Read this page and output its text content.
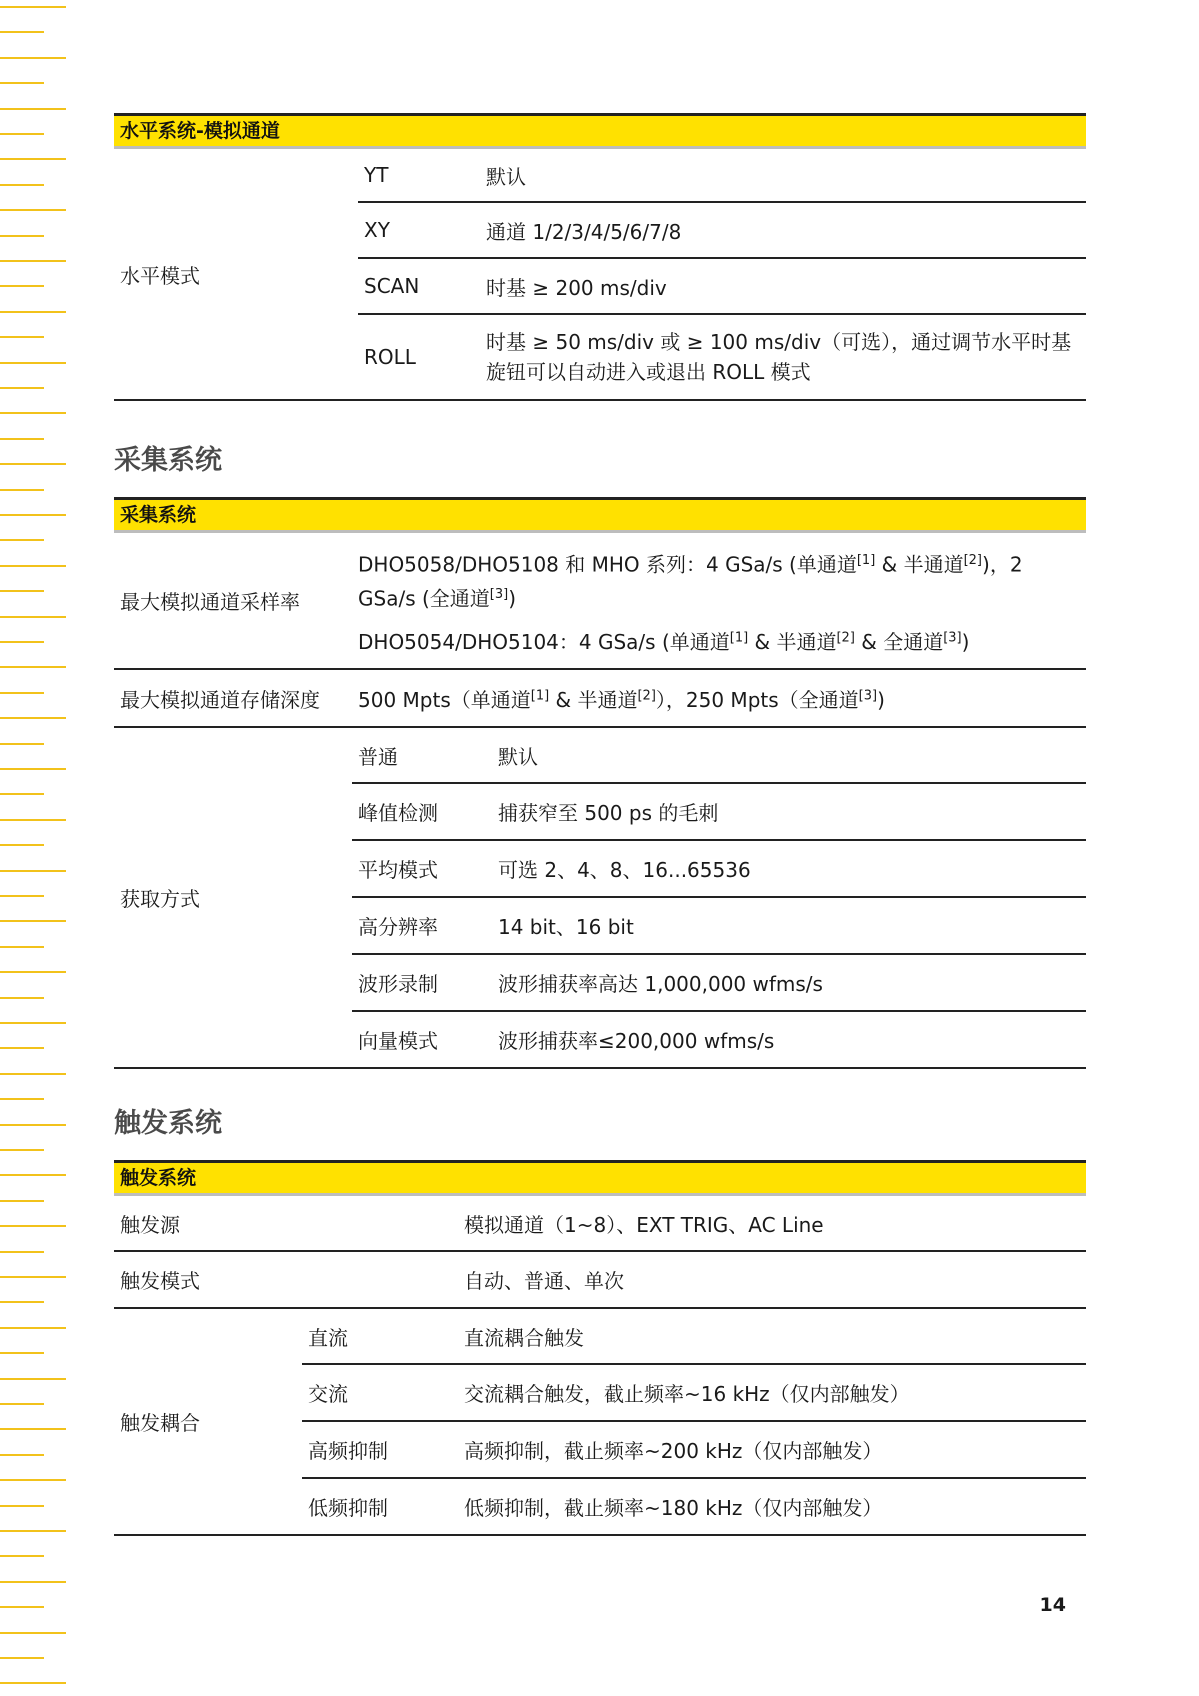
水平系统-模拟通道
水平模式	YT	默认
	XY	通道 1/2/3/4/5/6/7/8
	SCAN	时基 ≥ 200 ms/div
	ROLL	时基 ≥ 50 ms/div 或 ≥ 100 ms/div（可选），通过调节水平时基旋钮可以自动进入或退出 ROLL 模式
采集系统
采集系统
最大模拟通道采样率	DHO5058/DHO5108 和 MHO 系列：4 GSa/s (单通道[1] & 半通道[2])，2 GSa/s (全通道[3])
DHO5054/DHO5104：4 GSa/s (单通道[1] & 半通道[2] & 全通道[3])	

最大模拟通道存储深度	500 Mpts（单通道[1] & 半通道[2]），250 Mpts（全通道[3])	
获取方式	普通	默认
	峰值检测	捕获窄至 500 ps 的毛刺
	平均模式	可选 2、4、8、16...65536
	高分辨率	14 bit、16 bit
	波形录制	波形捕获率高达 1,000,000 wfms/s
	向量模式	波形捕获率≤200,000 wfms/s
触发系统
触发系统
触发源		模拟通道（1~8）、EXT TRIG、AC Line
触发模式		自动、普通、单次
触发耦合	直流	直流耦合触发
	交流	交流耦合触发，截止频率~16 kHz（仅内部触发）
	高频抑制	高频抑制，截止频率~200 kHz（仅内部触发）
	低频抑制	低频抑制，截止频率~180 kHz（仅内部触发）
14
